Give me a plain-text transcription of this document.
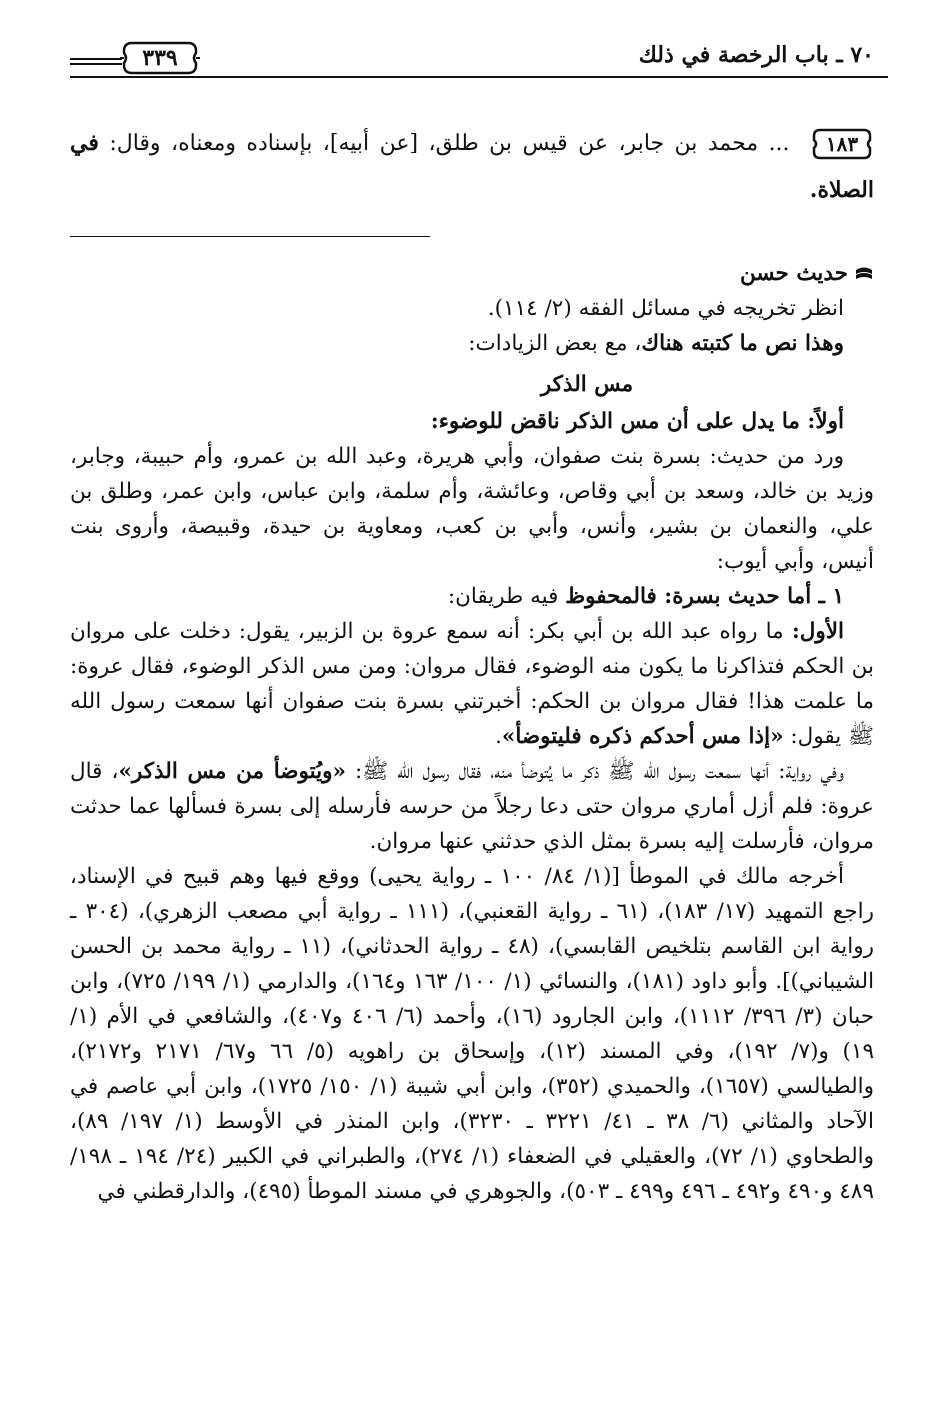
٧٠ ـ باب الرخصة في ذلك
٣٣٩
١٨٣
... محمد بن جابر، عن قيس بن طلق، [عن أبيه]، بإسناده ومعناه، وقال: في الصلاة.

حديث حسن

انظر تخريجه في مسائل الفقه (٢/ ١١٤).

وهذا نص ما كتبته هناك، مع بعض الزيادات:

مس الذكر

أولاً: ما يدل على أن مس الذكر ناقض للوضوء:

ورد من حديث: بسرة بنت صفوان، وأبي هريرة، وعبد الله بن عمرو، وأم حبيبة، وجابر، وزيد بن خالد، وسعد بن أبي وقاص، وعائشة، وأم سلمة، وابن عباس، وابن عمر، وطلق بن علي، والنعمان بن بشير، وأنس، وأبي بن كعب، ومعاوية بن حيدة، وقبيصة، وأروى بنت أنيس، وأبي أيوب:

١ ـ أما حديث بسرة: فالمحفوظ فيه طريقان:

الأول: ما رواه عبد الله بن أبي بكر: أنه سمع عروة بن الزبير، يقول: دخلت على مروان بن الحكم فتذاكرنا ما يكون منه الوضوء، فقال مروان: ومن مس الذكر الوضوء، فقال عروة: ما علمت هذا! فقال مروان بن الحكم: أخبرتني بسرة بنت صفوان أنها سمعت رسول الله ﷺ يقول: «إذا مس أحدكم ذكره فليتوضأ».

وفي رواية: أنها سمعت رسول الله ﷺ ذكر ما يُتوضأ منه، فقال رسول الله ﷺ: «ويُتوضأ من مس الذكر»، قال عروة: فلم أزل أماري مروان حتى دعا رجلاً من حرسه فأرسله إلى بسرة فسألها عما حدثت مروان، فأرسلت إليه بسرة بمثل الذي حدثني عنها مروان.

أخرجه مالك في الموطأ [(١/ ٨٤/ ١٠٠ ـ رواية يحيى) ووقع فيها وهم قبيح في الإسناد، راجع التمهيد (١٧/ ١٨٣)، (٦١ ـ رواية القعنبي)، (١١١ ـ رواية أبي مصعب الزهري)، (٣٠٤ ـ رواية ابن القاسم بتلخيص القابسي)، (٤٨ ـ رواية الحدثاني)، (١١ ـ رواية محمد بن الحسن الشيباني)]. وأبو داود (١٨١)، والنسائي (١/ ١٠٠/ ١٦٣ و١٦٤)، والدارمي (١/ ١٩٩/ ٧٢٥)، وابن حبان (٣/ ٣٩٦/ ١١١٢)، وابن الجارود (١٦)، وأحمد (٦/ ٤٠٦ و٤٠٧)، والشافعي في الأم (١/ ١٩) و(٧/ ١٩٢)، وفي المسند (١٢)، وإسحاق بن راهويه (٥/ ٦٦ و٦٧/ ٢١٧١ و٢١٧٢)، والطيالسي (١٦٥٧)، والحميدي (٣٥٢)، وابن أبي شيبة (١/ ١٥٠/ ١٧٢٥)، وابن أبي عاصم في الآحاد والمثاني (٦/ ٣٨ ـ ٤١/ ٣٢٢١ ـ ٣٢٣٠)، وابن المنذر في الأوسط (١/ ١٩٧/ ٨٩)، والطحاوي (١/ ٧٢)، والعقيلي في الضعفاء (١/ ٢٧٤)، والطبراني في الكبير (٢٤/ ١٩٤ ـ ١٩٨/ ٤٨٩ و٤٩٠ و٤٩٢ ـ ٤٩٦ و٤٩٩ ـ ٥٠٣)، والجوهري في مسند الموطأ (٤٩٥)، والدارقطني في
